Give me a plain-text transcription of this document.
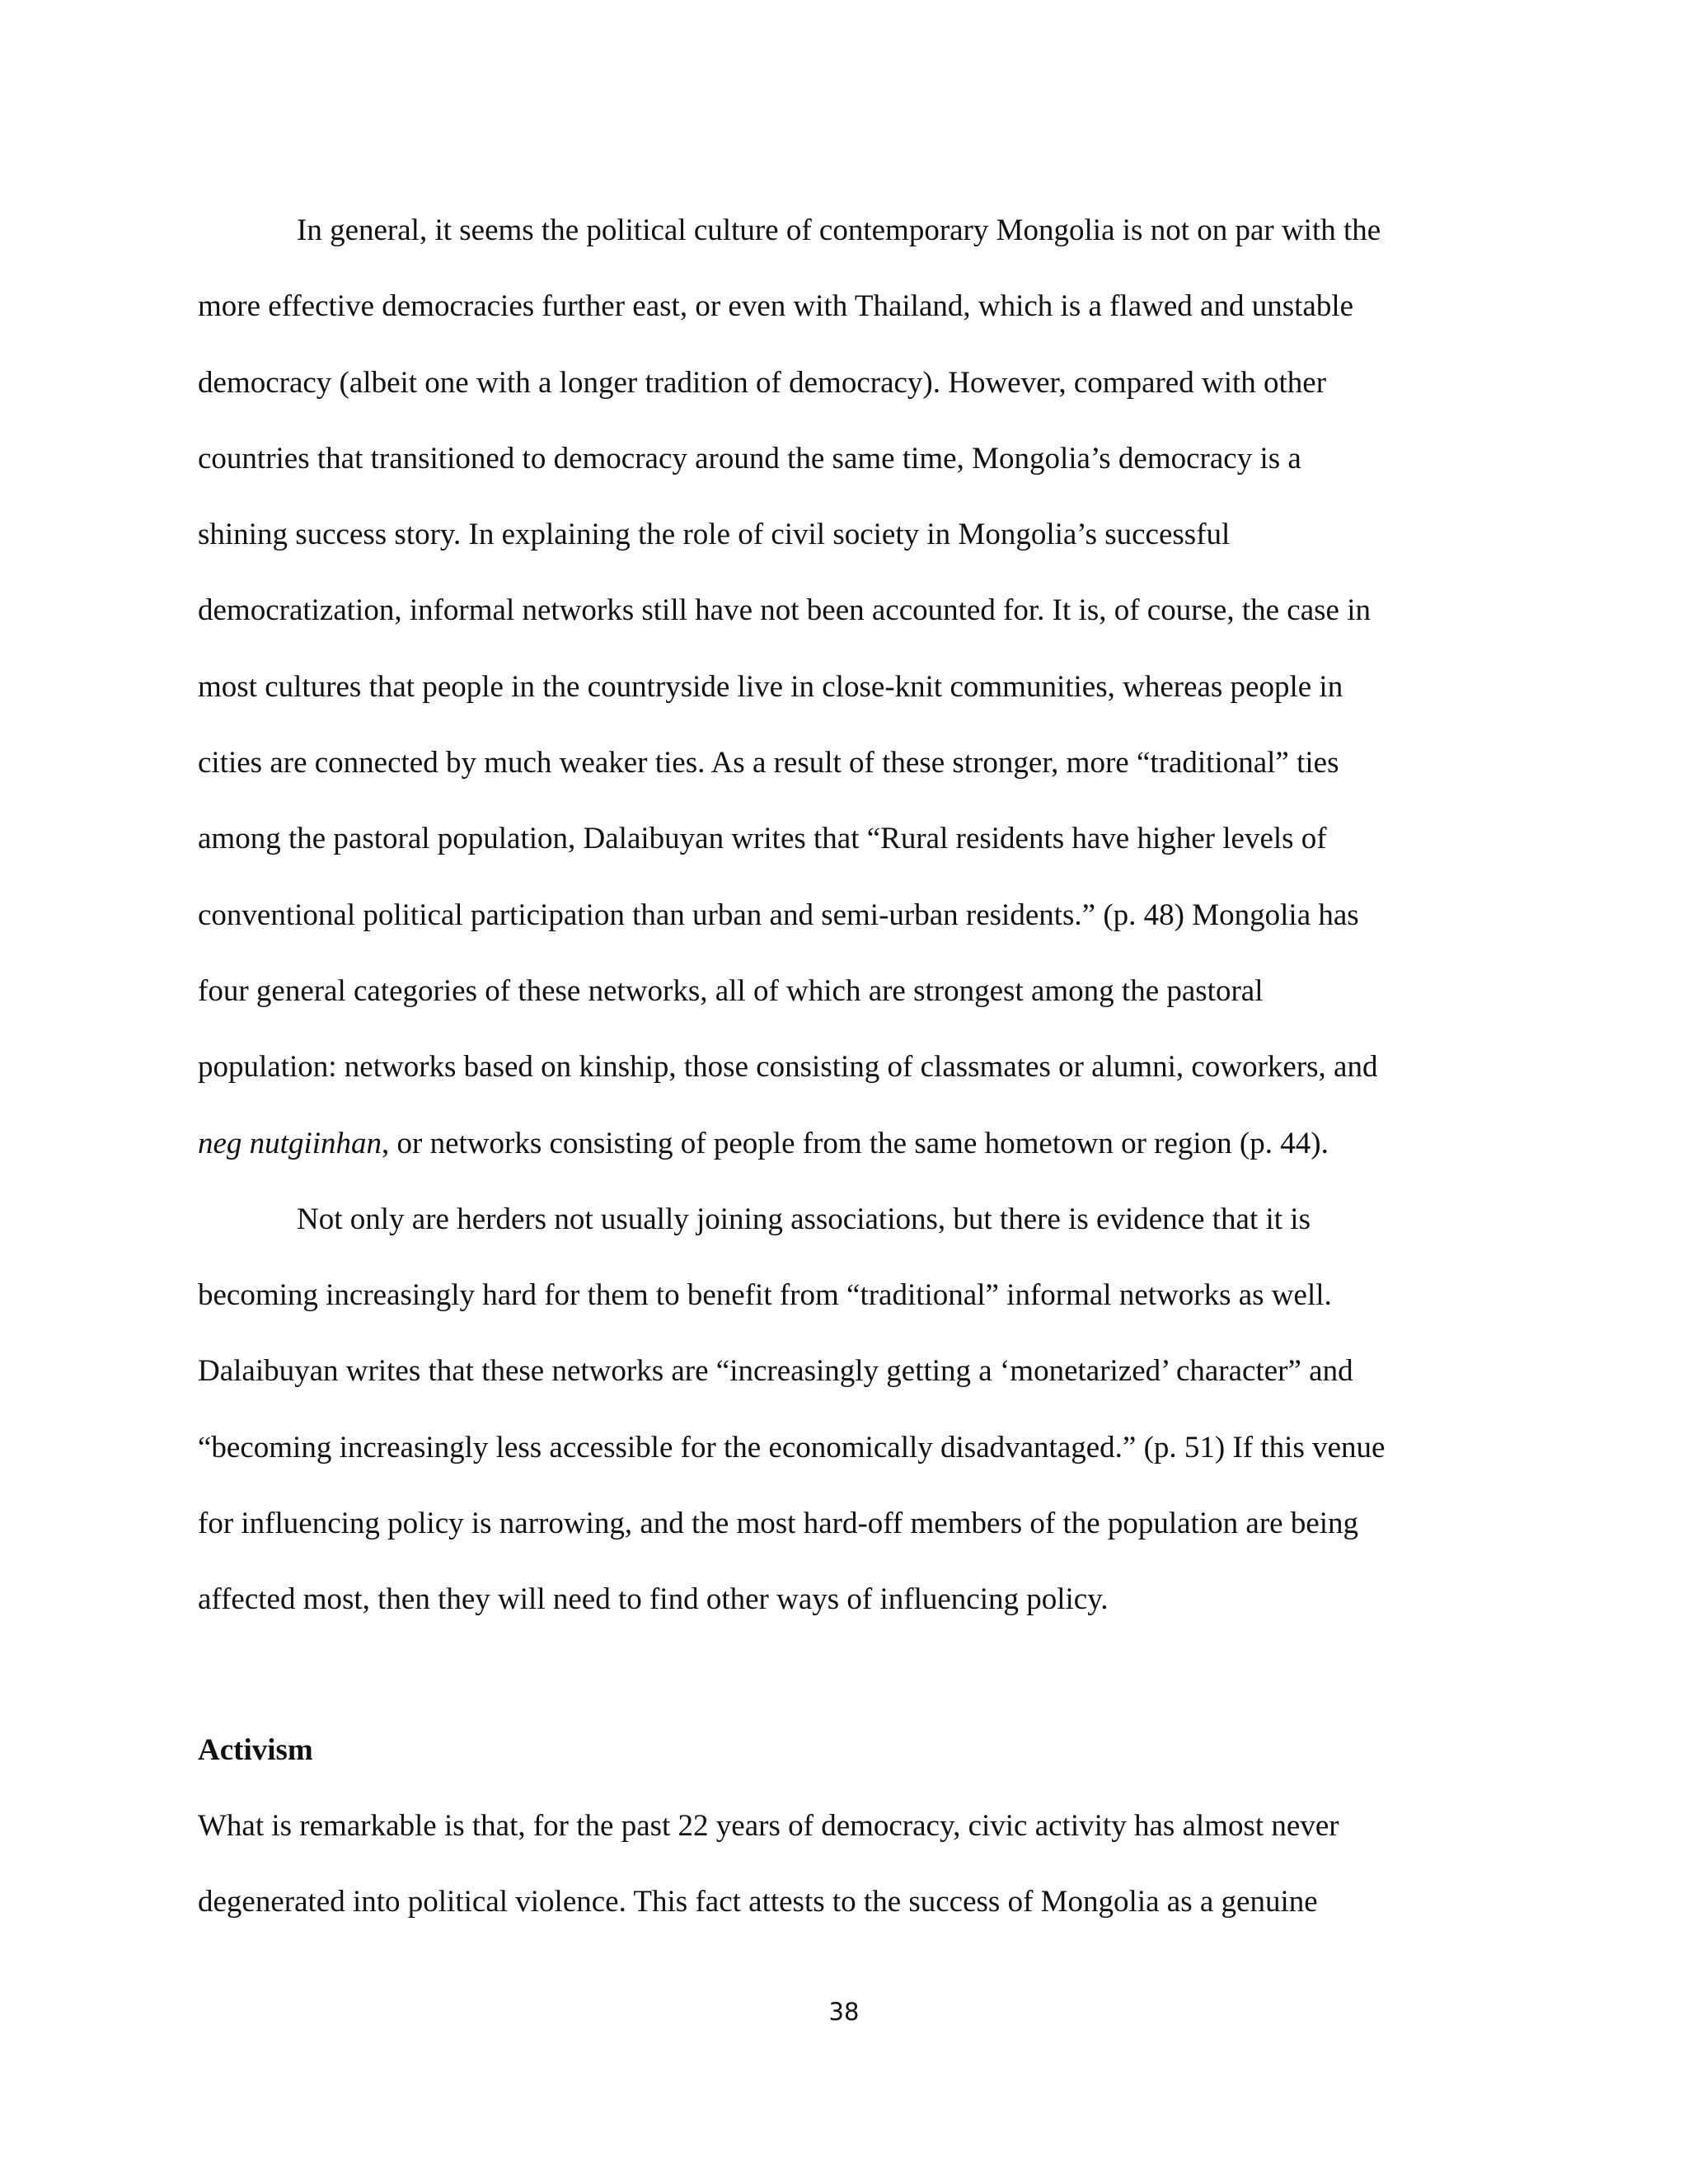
In general, it seems the political culture of contemporary Mongolia is not on par with the
more effective democracies further east, or even with Thailand, which is a flawed and unstable
democracy (albeit one with a longer tradition of democracy). However, compared with other
countries that transitioned to democracy around the same time, Mongolia’s democracy is a
shining success story. In explaining the role of civil society in Mongolia’s successful
democratization, informal networks still have not been accounted for. It is, of course, the case in
most cultures that people in the countryside live in close-knit communities, whereas people in
cities are connected by much weaker ties. As a result of these stronger, more “traditional” ties
among the pastoral population, Dalaibuyan writes that “Rural residents have higher levels of
conventional political participation than urban and semi-urban residents.” (p. 48) Mongolia has
four general categories of these networks, all of which are strongest among the pastoral
population: networks based on kinship, those consisting of classmates or alumni, coworkers, and
neg nutgiinhan, or networks consisting of people from the same hometown or region (p. 44).
Not only are herders not usually joining associations, but there is evidence that it is
becoming increasingly hard for them to benefit from “traditional” informal networks as well.
Dalaibuyan writes that these networks are “increasingly getting a ‘monetarized’ character” and
“becoming increasingly less accessible for the economically disadvantaged.” (p. 51) If this venue
for influencing policy is narrowing, and the most hard-off members of the population are being
affected most, then they will need to find other ways of influencing policy.
Activism
What is remarkable is that, for the past 22 years of democracy, civic activity has almost never
degenerated into political violence. This fact attests to the success of Mongolia as a genuine
38
